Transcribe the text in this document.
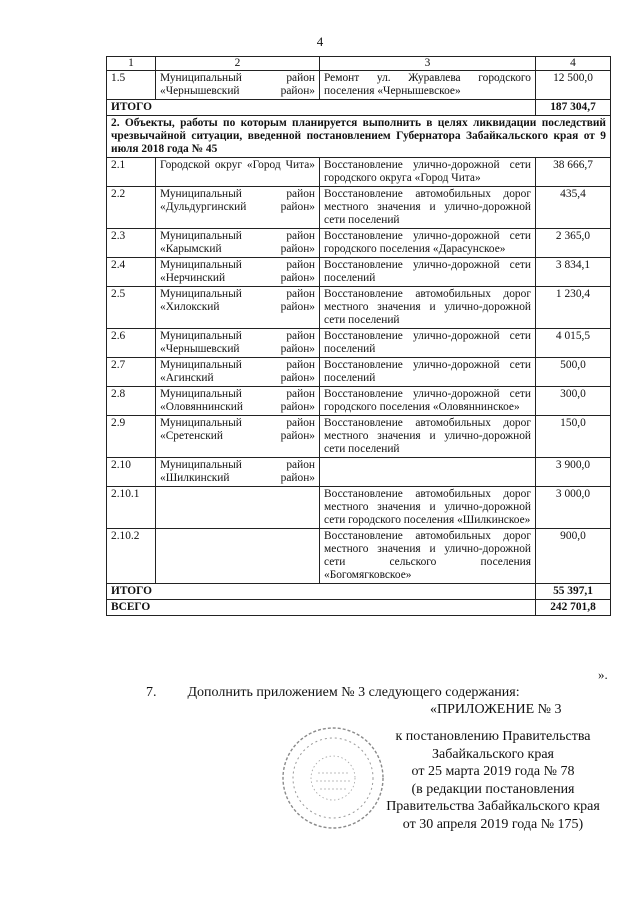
4
1	2	3	4
1.5	Муниципальный район «Чернышевский район»	Ремонт ул. Журавлева городского поселения «Чернышевское»	12 500,0
ИТОГО			187 304,7
2. Объекты, работы по которым планируется выполнить в целях ликвидации последствий чрезвычайной ситуации, введенной постановлением Губернатора Забайкальского края от 9 июля 2018 года № 45			
2.1	Городской округ «Город Чита»	Восстановление улично-дорожной сети городского округа «Город Чита»	38 666,7
2.2	Муниципальный район «Дульдургинский район»	Восстановление автомобильных дорог местного значения и улично-дорожной сети поселений	435,4
2.3	Муниципальный район «Карымский район»	Восстановление улично-дорожной сети городского поселения «Дарасунское»	2 365,0
2.4	Муниципальный район «Нерчинский район»	Восстановление улично-дорожной сети поселений	3 834,1
2.5	Муниципальный район «Хилокский район»	Восстановление автомобильных дорог местного значения и улично-дорожной сети поселений	1 230,4
2.6	Муниципальный район «Чернышевский район»	Восстановление улично-дорожной сети поселений	4 015,5
2.7	Муниципальный район «Агинский район»	Восстановление улично-дорожной сети поселений	500,0
2.8	Муниципальный район «Оловяннинский район»	Восстановление улично-дорожной сети городского поселения «Оловяннинское»	300,0
2.9	Муниципальный район «Сретенский район»	Восстановление автомобильных дорог местного значения и улично-дорожной сети поселений	150,0
2.10	Муниципальный район «Шилкинский район»		3 900,0
2.10.1		Восстановление автомобильных дорог местного значения и улично-дорожной сети городского поселения «Шилкинское»	3 000,0
2.10.2		Восстановление автомобильных дорог местного значения и улично-дорожной сети сельского поселения «Богомягковское»	900,0
ИТОГО			55 397,1
ВСЕГО			242 701,8
».
7. Дополнить приложением № 3 следующего содержания:
«ПРИЛОЖЕНИЕ № 3
к постановлению Правительства
Забайкальского края
от 25 марта 2019 года № 78
(в редакции постановления
Правительства Забайкальского края
от 30 апреля 2019 года № 175)
